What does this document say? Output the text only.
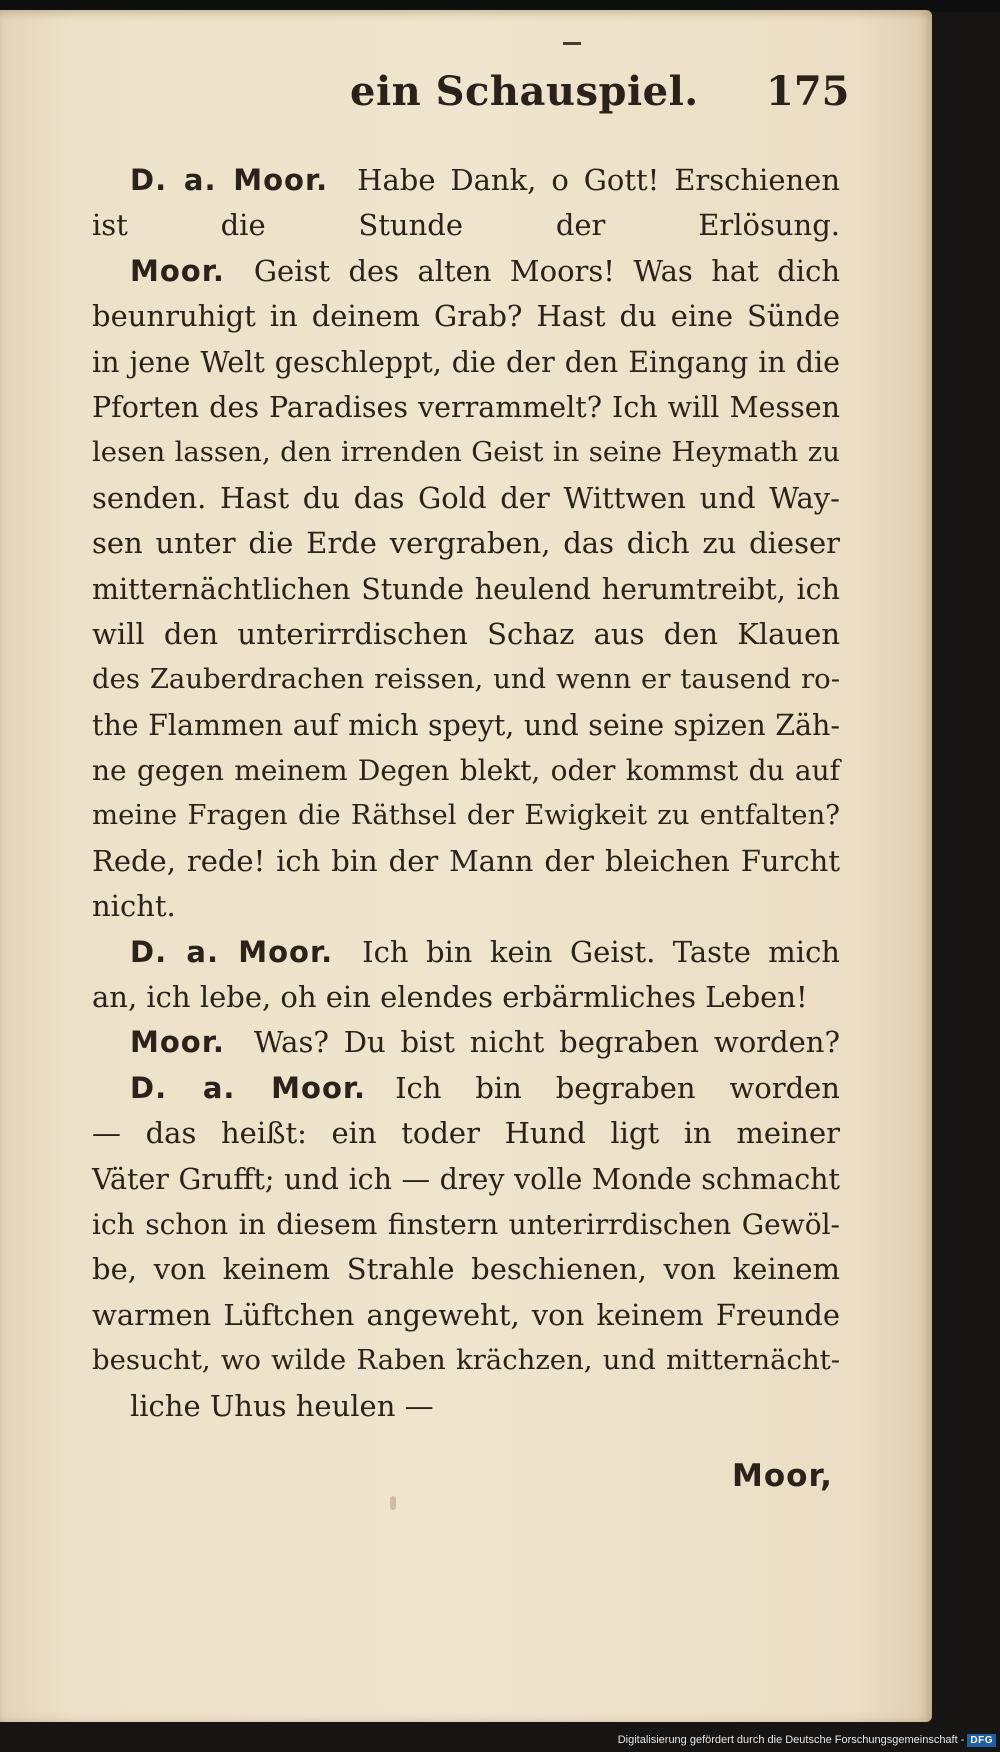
ein Schauspiel. 175
D. a. Moor.  Habe Dank, o Gott! Erschienen
ist die Stunde der Erlösung.
Moor.  Geist des alten Moors! Was hat dich
beunruhigt in deinem Grab? Hast du eine Sünde
in jene Welt geschleppt, die der den Eingang in die
Pforten des Paradises verrammelt? Ich will Messen
lesen lassen, den irrenden Geist in seine Heymath zu
senden. Hast du das Gold der Wittwen und Way-
sen unter die Erde vergraben, das dich zu dieser
mitternächtlichen Stunde heulend herumtreibt, ich
will den unterirrdischen Schaz aus den Klauen
des Zauberdrachen reissen, und wenn er tausend ro-
the Flammen auf mich speyt, und seine spizen Zäh-
ne gegen meinem Degen blekt, oder kommst du auf
meine Fragen die Räthsel der Ewigkeit zu entfalten?
Rede, rede! ich bin der Mann der bleichen Furcht
nicht.
D. a. Moor.  Ich bin kein Geist. Taste mich
an, ich lebe, oh ein elendes erbärmliches Leben!
Moor.  Was? Du bist nicht begraben worden?
D. a. Moor.  Ich bin begraben worden
— das heißt: ein toder Hund ligt in meiner
Väter Grufft; und ich — drey volle Monde schmacht
ich schon in diesem finstern unterirrdischen Gewöl-
be, von keinem Strahle beschienen, von keinem
warmen Lüftchen angeweht, von keinem Freunde
besucht, wo wilde Raben krächzen, und mitternächt-
liche Uhus heulen —
Moor,
Digitalisierung gefördert durch die Deutsche Forschungsgemeinschaft - DFG
